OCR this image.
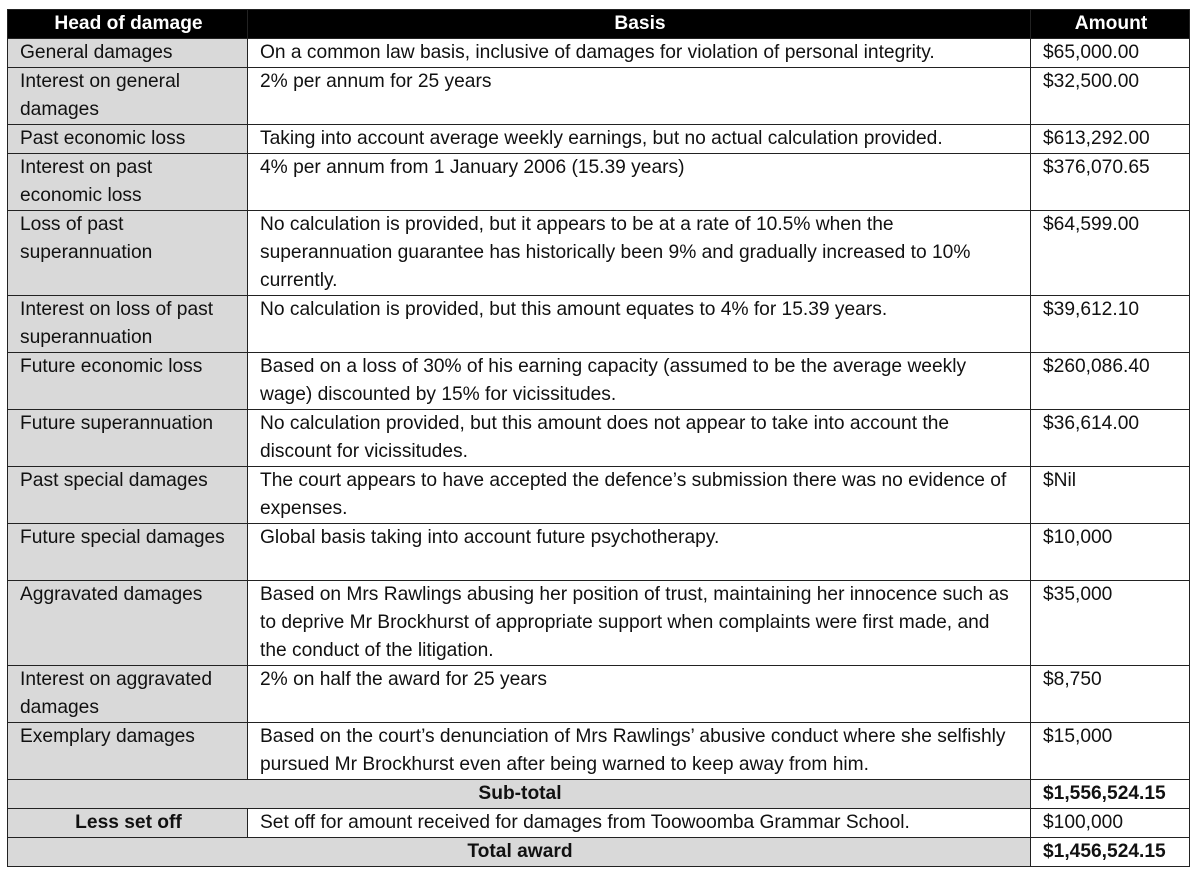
Head of damage	Basis	Amount
General damages	On a common law basis, inclusive of damages for violation of personal integrity.	$65,000.00
Interest on general damages	2% per annum for 25 years	$32,500.00
Past economic loss	Taking into account average weekly earnings, but no actual calculation provided.	$613,292.00
Interest on past economic loss	4% per annum from 1 January 2006 (15.39 years)	$376,070.65
Loss of past superannuation	No calculation is provided, but it appears to be at a rate of 10.5% when the superannuation guarantee has historically been 9% and gradually increased to 10% currently.	$64,599.00
Interest on loss of past superannuation	No calculation is provided, but this amount equates to 4% for 15.39 years.	$39,612.10
Future economic loss	Based on a loss of 30% of his earning capacity (assumed to be the average weekly wage) discounted by 15% for vicissitudes.	$260,086.40
Future superannuation	No calculation provided, but this amount does not appear to take into account the discount for vicissitudes.	$36,614.00
Past special damages	The court appears to have accepted the defence’s submission there was no evidence of expenses.	$Nil
Future special damages	Global basis taking into account future psychotherapy.	$10,000
Aggravated damages	Based on Mrs Rawlings abusing her position of trust, maintaining her innocence such as to deprive Mr Brockhurst of appropriate support when complaints were first made, and the conduct of the litigation.	$35,000
Interest on aggravated damages	2% on half the award for 25 years	$8,750
Exemplary damages	Based on the court’s denunciation of Mrs Rawlings’ abusive conduct where she selfishly pursued Mr Brockhurst even after being warned to keep away from him.	$15,000
Sub-total		$1,556,524.15
Less set off	Set off for amount received for damages from Toowoomba Grammar School.	$100,000
Total award		$1,456,524.15
